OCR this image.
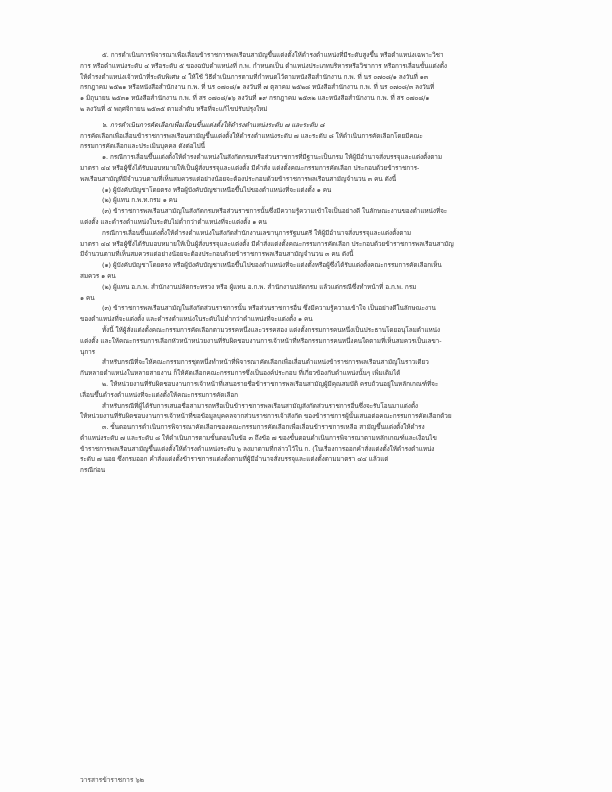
๕. การดำเนินการพิจารณาเพื่อเลื่อนข้าราชการพลเรือนสามัญขึ้นแต่งตั้งให้ดำรงตำแหน่งที่มีระดับสูงขึ้น หรือตำแหน่งเฉพาะวิชา
การ หรือตำแหน่งระดับ ๔ หรือระดับ ๕ ของฉบับตำแหน่งที่ ก.พ. กำหนดเป็น ตำแหน่งประเภทบริหารหรือวิชาการ หรือการเลื่อนขั้นแต่งตั้ง
ให้ดำรงตำแหน่งเจ้าหน้าที่ระดับพิเศษ ๔ ให้ใช้ วิธีดำเนินการตามที่กำหนดไว้ตามหนังสือสำนักงาน ก.พ. ที่ นร ๐๗๐๘/๑ ลงวันที่ ๑๓
กรกฎาคม ๒๕๒๑ หรือหนังสือสำนักงาน ก.พ. ที่ นร ๐๗๐๘/๑ ลงวันที่ ๗ ตุลาคม ๒๕๒๘ หนังสือสำนักงาน ก.พ. ที่ นร ๐๗๐๘/๓ ลงวันที่
๑ มิถุนายน ๒๕๓๑ หนังสือสำนักงาน ก.พ. ที่ สร ๐๗๐๘/๑๖ ลงวันที่ ๑๙ กรกฎาคม ๒๕๓๒ และหนังสือสำนักงาน ก.พ. ที่ สร ๐๗๐๘/๑
๒ ลงวันที่ ๕ พฤศจิกายน ๒๕๓๕ ตามลำดับ หรือที่จะแก้ไขปรับปรุงใหม่
๖. การดำเนินการคัดเลือกเพื่อเลื่อนขึ้นแต่งตั้งให้ดำรงตำแหน่งระดับ ๗ และระดับ ๘
การคัดเลือกเพื่อเลื่อนข้าราชการพลเรือนสามัญขึ้นแต่งตั้งให้ดำรงตำแหน่งระดับ ๗ และระดับ ๘ ให้ดำเนินการคัดเลือกโดยมีคณะ
กรรมการคัดเลือกและประเมินบุคคล ดังต่อไปนี้
๑. กรณีการเลื่อนขึ้นแต่งตั้งให้ดำรงตำแหน่งในสังกัดกรมหรือส่วนราชการที่มีฐานะเป็นกรม ให้ผู้มีอำนาจสั่งบรรจุและแต่งตั้งตาม
มาตรา ๔๔ หรือผู้ซึ่งได้รับมอบหมายให้เป็นผู้สั่งบรรจุและแต่งตั้ง มีคำสั่ง แต่งตั้งคณะกรรมการคัดเลือก ประกอบด้วยข้าราชการ-
พลเรือนสามัญที่มีจำนวนตามที่เห็นสมควรแต่อย่างน้อยจะต้องประกอบด้วยข้าราชการพลเรือนสามัญจำนวน ๓ คน ดังนี้
(๑) ผู้บังคับบัญชาโดยตรง หรือผู้บังคับบัญชาเหนือขึ้นไปของตำแหน่งที่จะแต่งตั้ง ๑ คน
(๒) ผู้แทน ก.พ.ท.กรม ๑ คน
(๓) ข้าราชการพลเรือนสามัญในสังกัดกรมหรือส่วนราชการนั้นซึ่งมีความรู้ความเข้าใจเป็นอย่างดี ในลักษณะงานของตำแหน่งที่จะ
แต่งตั้ง และดำรงตำแหน่งในระดับไม่ต่ำกว่าตำแหน่งที่จะแต่งตั้ง ๑ คน
กรณีการเลื่อนขึ้นแต่งตั้งให้ดำรงตำแหน่งในสังกัดสำนักงานเลขานุการรัฐมนตรี ให้ผู้มีอำนาจสั่งบรรจุและแต่งตั้งตาม
มาตรา ๔๔ หรือผู้ซึ่งได้รับมอบหมายให้เป็นผู้สั่งบรรจุและแต่งตั้ง มีคำสั่งแต่งตั้งคณะกรรมการคัดเลือก ประกอบด้วยข้าราชการพลเรือนสามัญ
มีจำนวนตามที่เห็นสมควรแต่อย่างน้อยจะต้องประกอบด้วยข้าราชการพลเรือนสามัญจำนวน ๓ คน ดังนี้
(๑) ผู้บังคับบัญชาโดยตรง หรือผู้บังคับบัญชาเหนือขึ้นไปของตำแหน่งที่จะแต่งตั้งหรือผู้ซึ่งได้รับแต่งตั้งคณะกรรมการคัดเลือกเห็น
สมควร ๑ คน
(๒) ผู้แทน อ.ก.พ. สำนักงานปลัดกระทรวง หรือ ผู้แทน อ.ก.พ. สำนักงานปลัดกรม แล้วแต่กรณีซึ่งทำหน้าที่ อ.ก.พ. กรม
๑ คน
(๓) ข้าราชการพลเรือนสามัญในสังกัดส่วนราชการนั้น หรือส่วนราชการอื่น ซึ่งมีความรู้ความเข้าใจ เป็นอย่างดีในลักษณะงาน
ของตำแหน่งที่จะแต่งตั้ง และดำรงตำแหน่งในระดับไม่ต่ำกว่าตำแหน่งที่จะแต่งตั้ง ๑ คน
ทั้งนี้ ให้ผู้สั่งแต่งตั้งคณะกรรมการคัดเลือกตามวรรคหนึ่งและวรรคสอง แต่งตั้งกรรมการคนหนึ่งเป็นประธานโดยอนุโลมตำแหน่ง
แต่งตั้ง และให้คณะกรรมการเลือกหัวหน้าหน่วยงานที่รับผิดชอบงานการเจ้าหน้าที่หรือกรรมการคนหนึ่งคนใดตามที่เห็นสมควรเป็นเลขา-
นุการ
สำหรับกรณีที่จะให้คณะกรรมการชุดหนึ่งทำหน้าที่พิจารณาคัดเลือกเพื่อเลื่อนตำแหน่งข้าราชการพลเรือนสามัญในราวเดียว
กันหลายตำแหน่งในหลายสายงาน ก็ให้คัดเลือกคณะกรรมการซึ่งเป็นองค์ประกอบ ที่เกี่ยวข้องกับตำแหน่งนั้นๆ เพิ่มเติมได้
๒. ให้หน่วยงานที่รับผิดชอบงานการเจ้าหน้าที่เสนอรายชื่อข้าราชการพลเรือนสามัญผู้มีคุณสมบัติ ครบถ้วนอยู่ในหลักเกณฑ์ที่จะ
เลื่อนขึ้นดำรงตำแหน่งที่จะแต่งตั้งให้คณะกรรมการคัดเลือก
สำหรับกรณีที่ผู้ได้รับการเสนอชื่อสามารถหรือเป็นข้าราชการพลเรือนสามัญสังกัดส่วนราชการอื่นซึ่งจะรับโอนมาแต่งตั้ง
ให้หน่วยงานที่รับผิดชอบงานการเจ้าหน้าที่ขอข้อมูลบุคคลจากส่วนราชการเจ้าสังกัด ของข้าราชการผู้นั้นเสนอต่อคณะกรรมการคัดเลือกด้วย
๓. ขั้นตอนการดำเนินการพิจารณาคัดเลือกของคณะกรรมการคัดเลือกเพื่อเลื่อนข้าราชการเหลือ สามัญขึ้นแต่งตั้งให้ดำรง
ตำแหน่งระดับ ๗ และระดับ ๘ ให้ดำเนินการตามขั้นตอนในข้อ ๓ ถึงข้อ ๗ ของขั้นตอนดำเนินการพิจารณาตามหลักเกณฑ์และเงื่อนไข
ข้าราชการพลเรือนสามัญขึ้นแต่งตั้งให้ดำรงตำแหน่งระดับ ๖ ลงมาตามที่กล่าวไว้ใน ก. (ในเรื่องการออกคำสั่งแต่งตั้งให้ดำรงตำแหน่ง
ระดับ ๗ นอย ซึ่งกรมออก คำสั่งแต่งตั้งข้าราชการแต่งตั้งตามที่ผู้มีอำนาจสั่งบรรจุและแต่งตั้งตามมาตรา ๔๔ แล้วแต่
กรณีก่อน
วารสารข้าราชการ ๖๒
